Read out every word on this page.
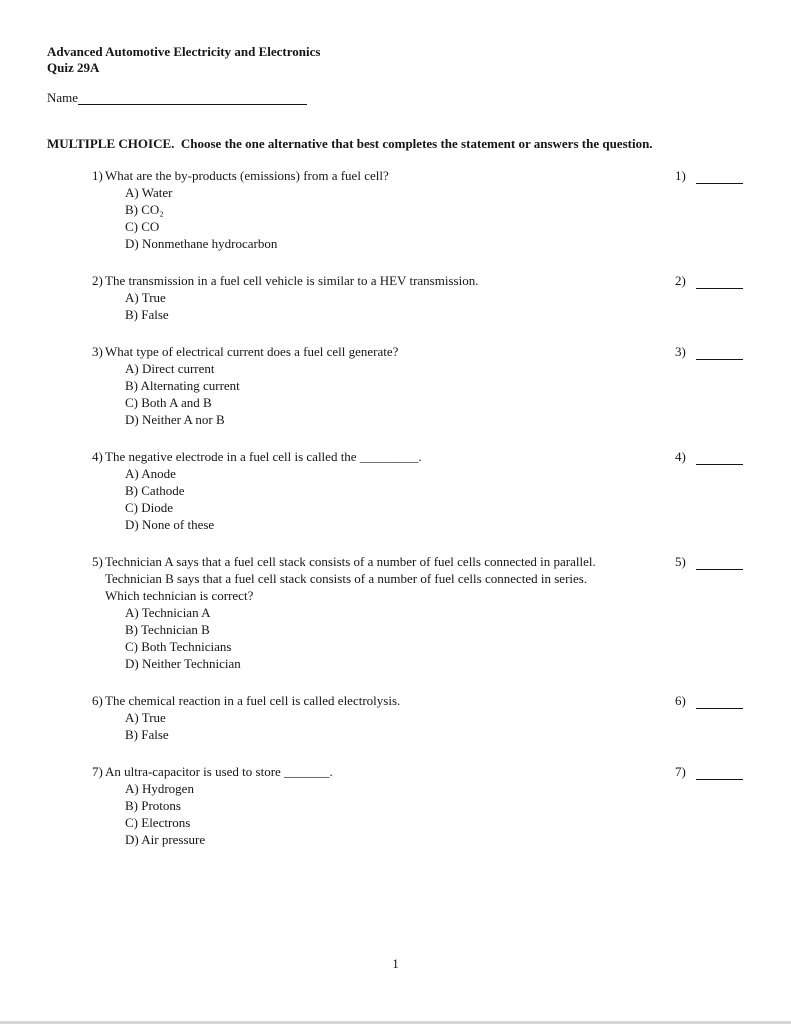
Advanced Automotive Electricity and Electronics
Quiz 29A
Name
MULTIPLE CHOICE.  Choose the one alternative that best completes the statement or answers the question.
1) What are the by-products (emissions) from a fuel cell?
A) Water
B) CO₂
C) CO
D) Nonmethane hydrocarbon
1)
2) The transmission in a fuel cell vehicle is similar to a HEV transmission.
A) True
B) False
2)
3) What type of electrical current does a fuel cell generate?
A) Direct current
B) Alternating current
C) Both A and B
D) Neither A nor B
3)
4) The negative electrode in a fuel cell is called the _________.
A) Anode
B) Cathode
C) Diode
D) None of these
4)
5) Technician A says that a fuel cell stack consists of a number of fuel cells connected in parallel.
Technician B says that a fuel cell stack consists of a number of fuel cells connected in series.
Which technician is correct?
A) Technician A
B) Technician B
C) Both Technicians
D) Neither Technician
5)
6) The chemical reaction in a fuel cell is called electrolysis.
A) True
B) False
6)
7) An ultra-capacitor is used to store _______.
A) Hydrogen
B) Protons
C) Electrons
D) Air pressure
7)
1
